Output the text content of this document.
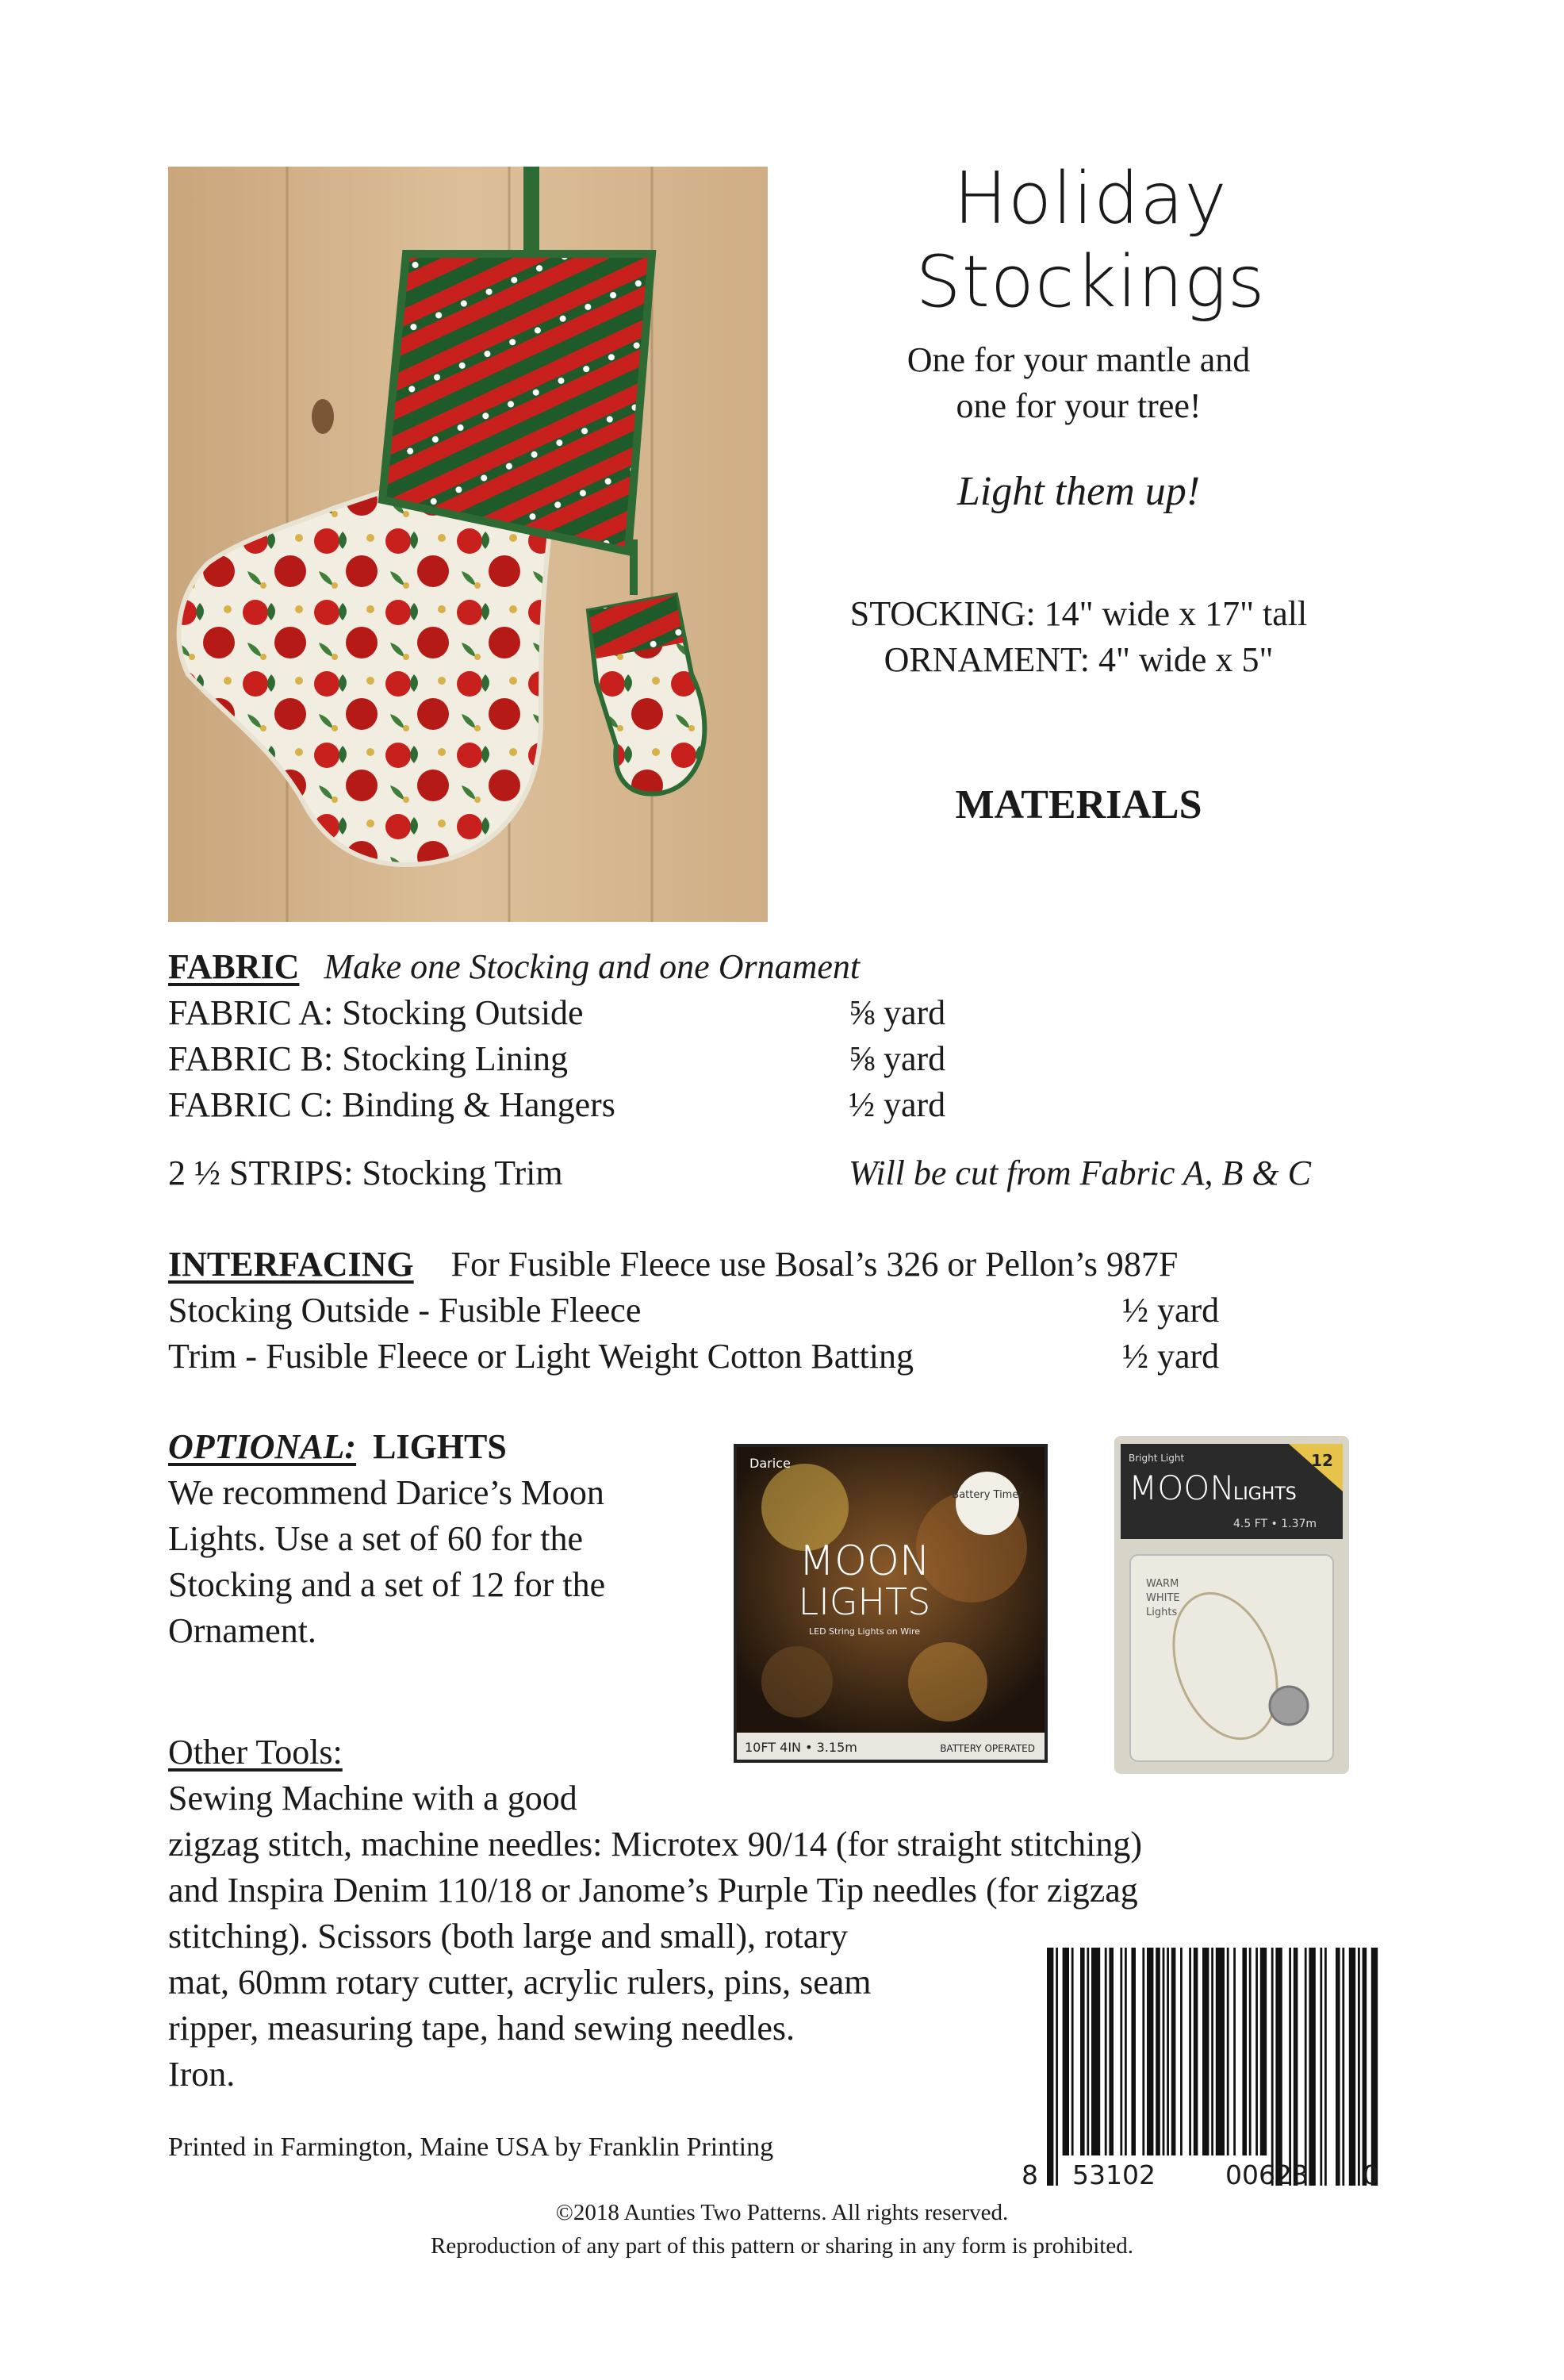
Holiday Stockings
One for your mantle and
one for your tree!
Light them up!
STOCKING: 14" wide x 17" tall
ORNAMENT: 4" wide x 5"
MATERIALS
FABRIC Make one Stocking and one Ornament
FABRIC A: Stocking Outside	⅝ yard
FABRIC B: Stocking Lining	⅝ yard
FABRIC C: Binding & Hangers	½ yard
2 ½ STRIPS: Stocking Trim	Will be cut from Fabric A, B & C
INTERFACING For Fusible Fleece use Bosal’s 326 or Pellon’s 987F
Stocking Outside - Fusible Fleece	½ yard
Trim - Fusible Fleece or Light Weight Cotton Batting	½ yard
OPTIONAL: LIGHTS
We recommend Darice’s Moon
Lights. Use a set of 60 for the
Stocking and a set of 12 for the
Ornament.
Battery Timer
Darice
MOON
LIGHTS
LED String Lights on Wire
10FT 4IN • 3.15m	BATTERY OPERATED
12
Bright Light
MOON
LIGHTS
4.5 FT • 1.37m
WARM
WHITE
Lights
Other Tools:
Sewing Machine with a good
zigzag stitch, machine needles: Microtex 90/14 (for straight stitching)
and Inspira Denim 110/18 or Janome’s Purple Tip needles (for zigzag
stitching). Scissors (both large and small), rotary
mat, 60mm rotary cutter, acrylic rulers, pins, seam
ripper, measuring tape, hand sewing needles.
Iron.
Printed in Farmington, Maine USA by Franklin Printing
8 53102	00623 0
©2018 Aunties Two Patterns. All rights reserved.
Reproduction of any part of this pattern or sharing in any form is prohibited.
